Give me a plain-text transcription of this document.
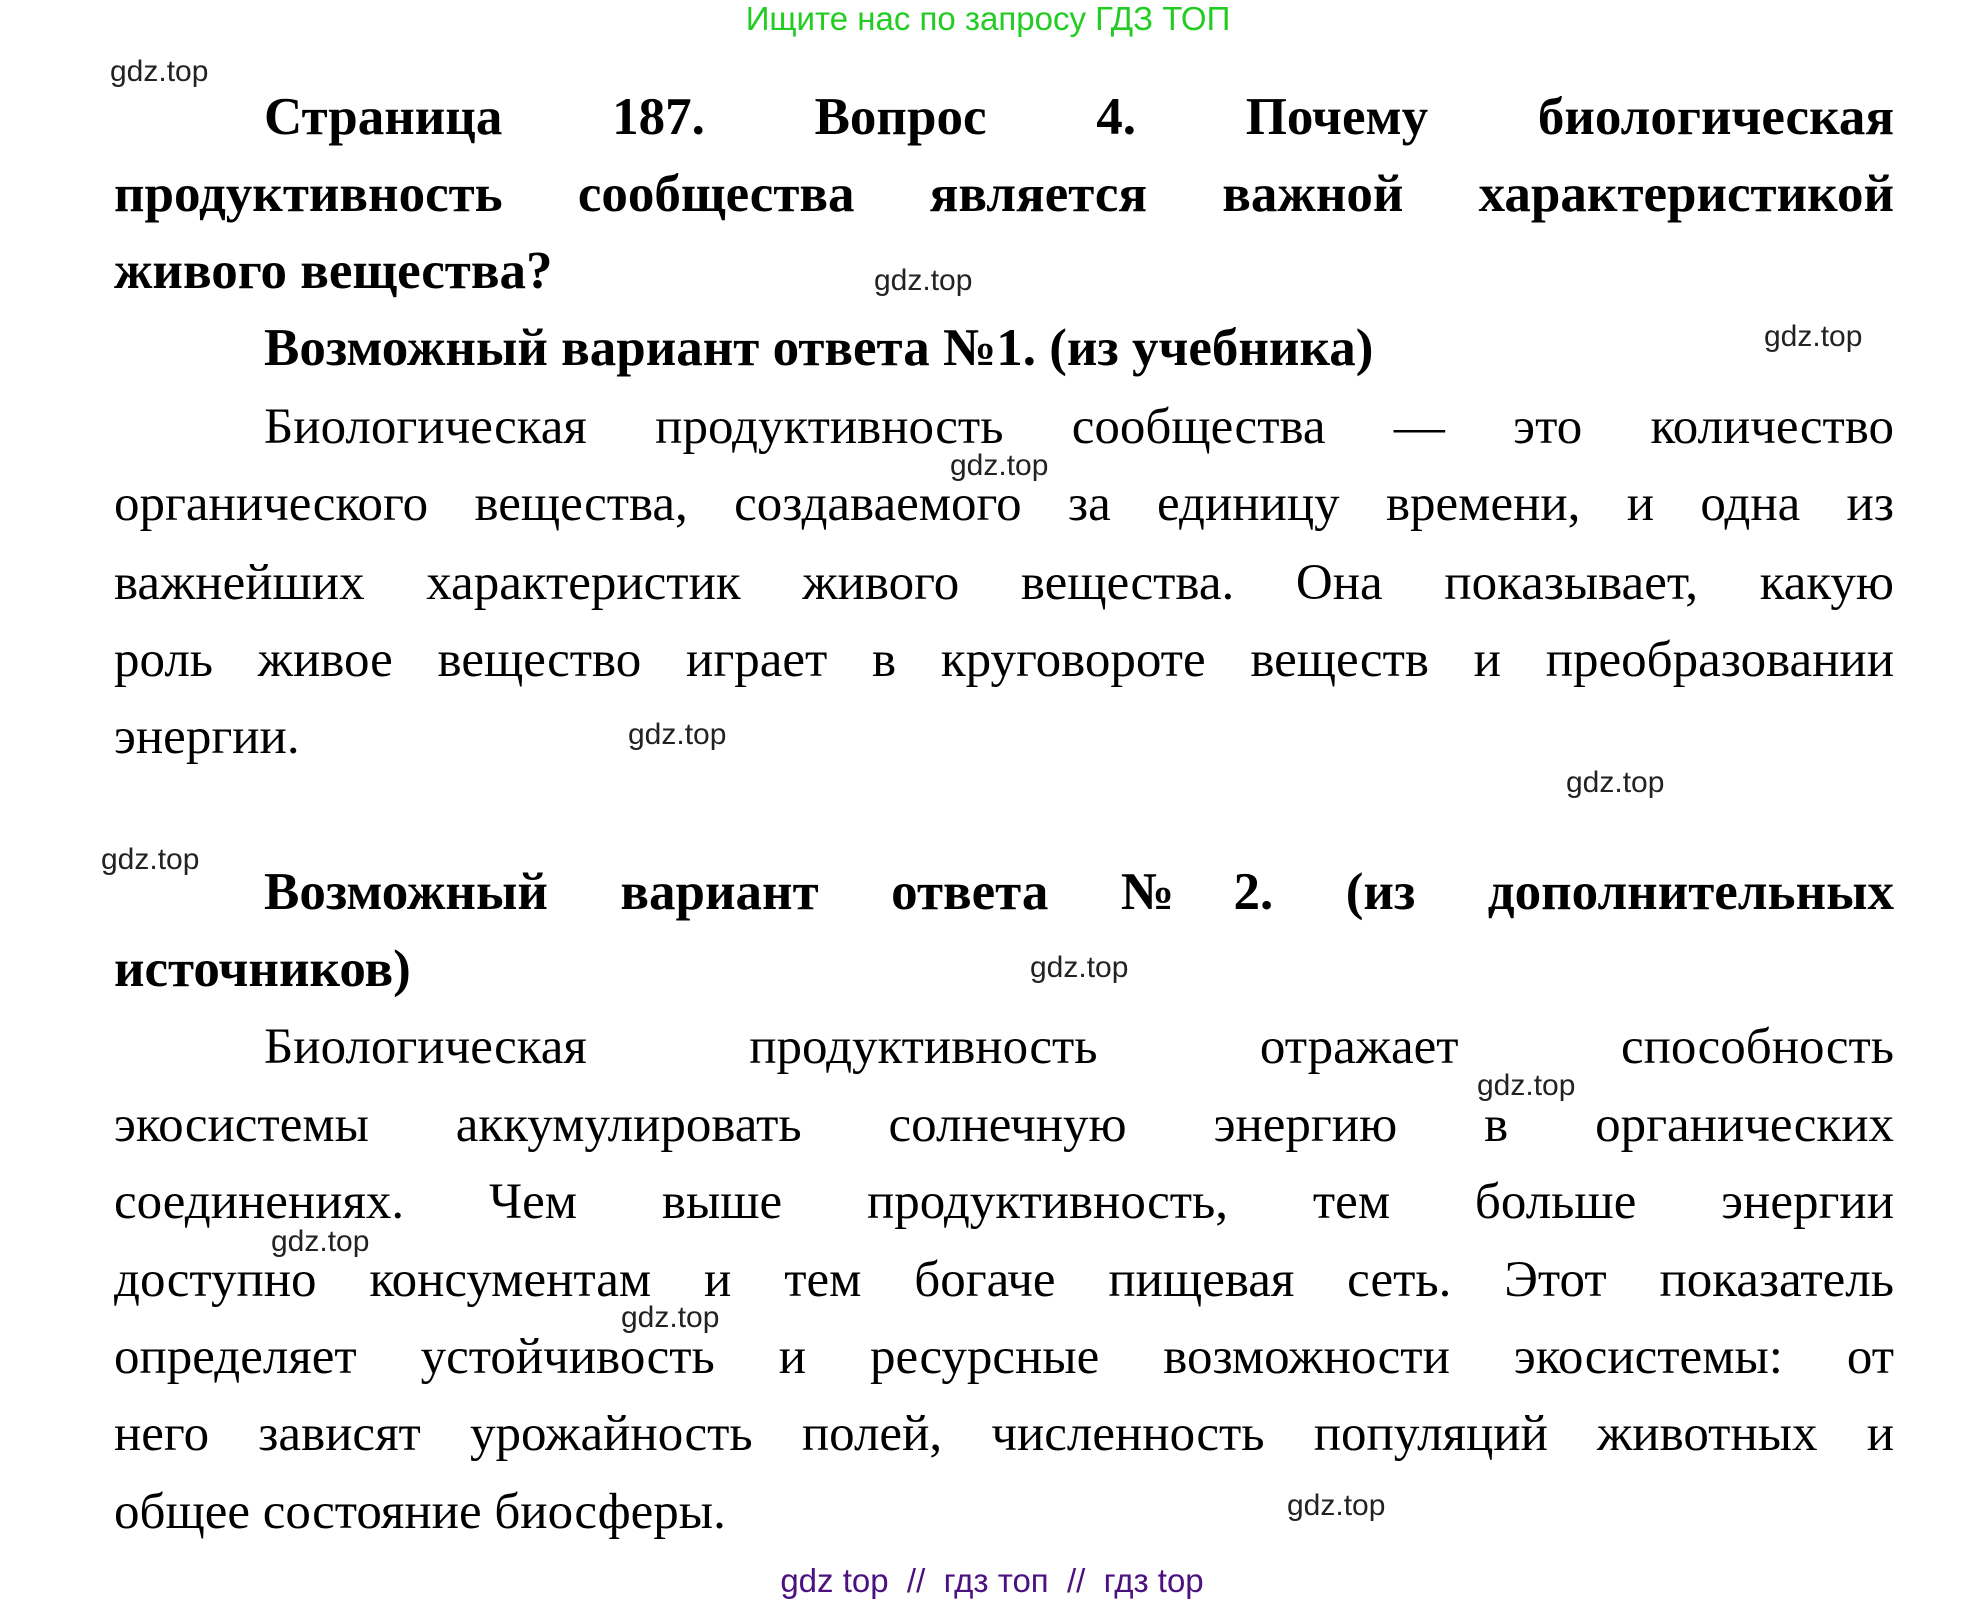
Ищите нас по запросу ГДЗ ТОП
Страница 187. Вопрос 4. Почему биологическая
продуктивность сообщества является важной характеристикой
живого вещества?
Возможный вариант ответа №1. (из учебника)
Биологическая продуктивность сообщества — это количество
органического вещества, создаваемого за единицу времени, и одна из
важнейших характеристик живого вещества. Она показывает, какую
роль живое вещество играет в круговороте веществ и преобразовании
энергии.
Возможный вариант ответа №2. (из дополнительных
источников)
Биологическая продуктивность отражает способность
экосистемы аккумулировать солнечную энергию в органических
соединениях. Чем выше продуктивность, тем больше энергии
доступно консументам и тем богаче пищевая сеть. Этот показатель
определяет устойчивость и ресурсные возможности экосистемы: от
него зависят урожайность полей, численность популяций животных и
общее состояние биосферы.
gdz.top
gdz.top
gdz.top
gdz.top
gdz.top
gdz.top
gdz.top
gdz.top
gdz.top
gdz.top
gdz.top
gdz.top
gdz top  //  гдз топ  //  гдз top
